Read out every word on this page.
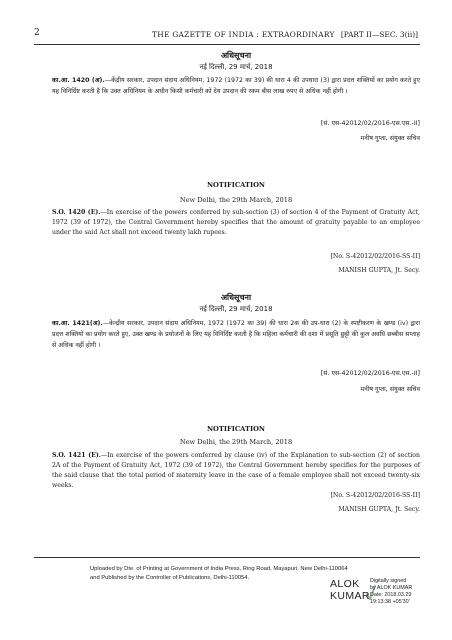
2	THE GAZETTE OF INDIA : EXTRAORDINARY [PART II—SEC. 3(ii)]
अधिसूचना
नई दिल्ली, 29 मार्च, 2018
का.आ. 1420 (अ).—केंद्रीय सरकार, उपदान संदाय अधिनियम, 1972 (1972 का 39) की धारा 4 की उपधारा (3) द्वारा प्रदत्त शक्तियों का प्रयोग करते हुए यह विनिर्दिष्ट करती है कि उक्त अधिनियम के अधीन किसी कर्मचारी को देय उपदान की रकम बीस लाख रुपए से अधिक नहीं होगी ।
[सं. एस-42012/02/2016-एस.एस.-II]
मनीष गुप्ता, संयुक्त सचिव
NOTIFICATION
New Delhi, the 29th March, 2018
S.O. 1420 (E).—In exercise of the powers conferred by sub-section (3) of section 4 of the Payment of Gratuity Act, 1972 (39 of 1972), the Central Government hereby specifies that the amount of gratuity payable to an employee under the said Act shall not exceed twenty lakh rupees.
[No. S-42012/02/2016-SS-II]
MANISH GUPTA, Jt. Secy.
अधिसूचना
नई दिल्ली, 29 मार्च, 2018
का.आ. 1421(अ).—केन्द्रीय सरकार, उपदान संदाय अधिनियम, 1972 (1972 का 39) की धारा 2क की उप-धारा (2) के स्पष्टीकरण के खण्ड (iv) द्वारा प्रदत्त शक्तियों का प्रयोग करते हुए, उक्त खण्ड के प्रयोजनों के लिए यह विनिर्दिष्ट करती है कि महिला कर्मचारी की दशा में प्रसूति छुट्टी की कुल अवधि छब्बीस सप्ताह से अधिक नहीं होगी ।
[सं. एस-42012/02/2016-एस.एस.-II]
मनीष गुप्ता, संयुक्त सचिव
NOTIFICATION
New Delhi, the 29th March, 2018
S.O. 1421 (E).—In exercise of the powers conferred by clause (iv) of the Explanation to sub-section (2) of section 2A of the Payment of Gratuity Act, 1972 (39 of 1972), the Central Government hereby specifies for the purposes of the said clause that the total period of maternity leave in the case of a female employee shall not exceed twenty-six weeks.
[No. S-42012/02/2016-SS-II]
MANISH GUPTA, Jt. Secy.
Uploaded by Dte. of Printing at Government of India Press, Ring Road, Mayapuri, New Delhi-110064
and Published by the Controller of Publications, Delhi-110054.	ALOK
KUMAR
Digitally signed
by ALOK KUMAR
Date: 2018.03.29
19:13:38 +05'30'
